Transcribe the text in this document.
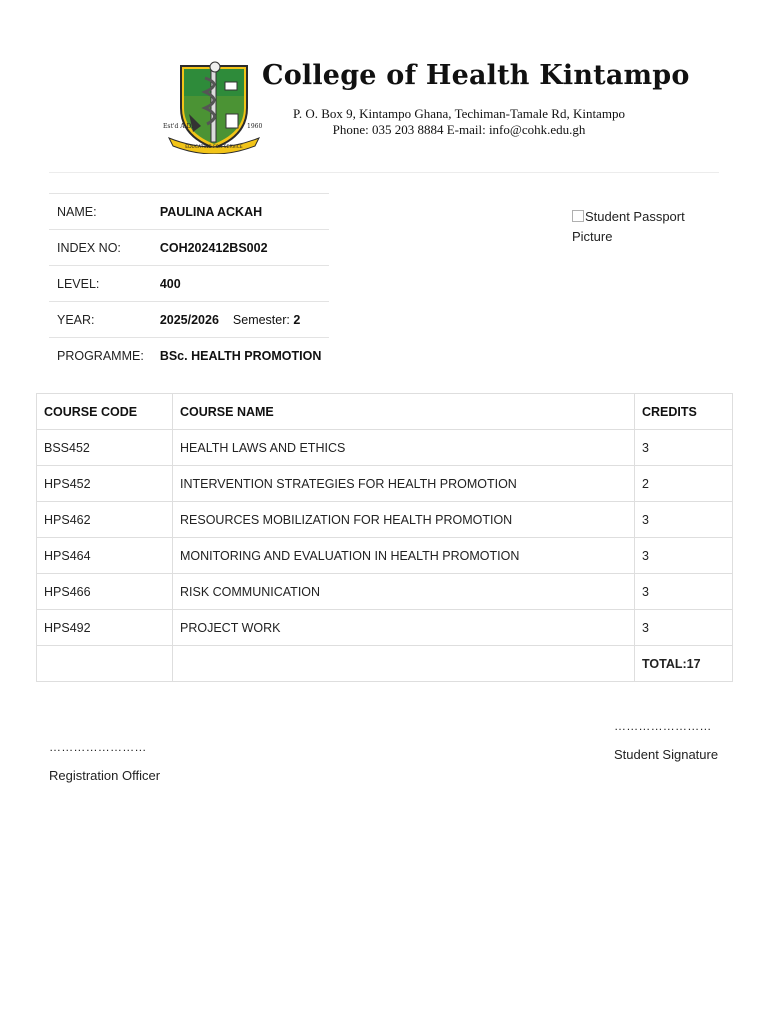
Est'd A.D.	1960
EDUCATING FOR SERVICE
College of Health Kintampo
P. O. Box 9, Kintampo Ghana, Techiman-Tamale Rd, Kintampo
Phone: 035 203 8884 E-mail: info@cohk.edu.gh
NAME:	PAULINA ACKAH
INDEX NO:	COH202412BS002
LEVEL:	400
YEAR:	2025/2026 Semester: 2
PROGRAMME:	BSc. HEALTH PROMOTION
Student Passport Picture
COURSE CODE	COURSE NAME	CREDITS
BSS452	HEALTH LAWS AND ETHICS	3
HPS452	INTERVENTION STRATEGIES FOR HEALTH PROMOTION	2
HPS462	RESOURCES MOBILIZATION FOR HEALTH PROMOTION	3
HPS464	MONITORING AND EVALUATION IN HEALTH PROMOTION	3
HPS466	RISK COMMUNICATION	3
HPS492	PROJECT WORK	3
		TOTAL:17
……………………
Registration Officer
……………………
Student Signature
